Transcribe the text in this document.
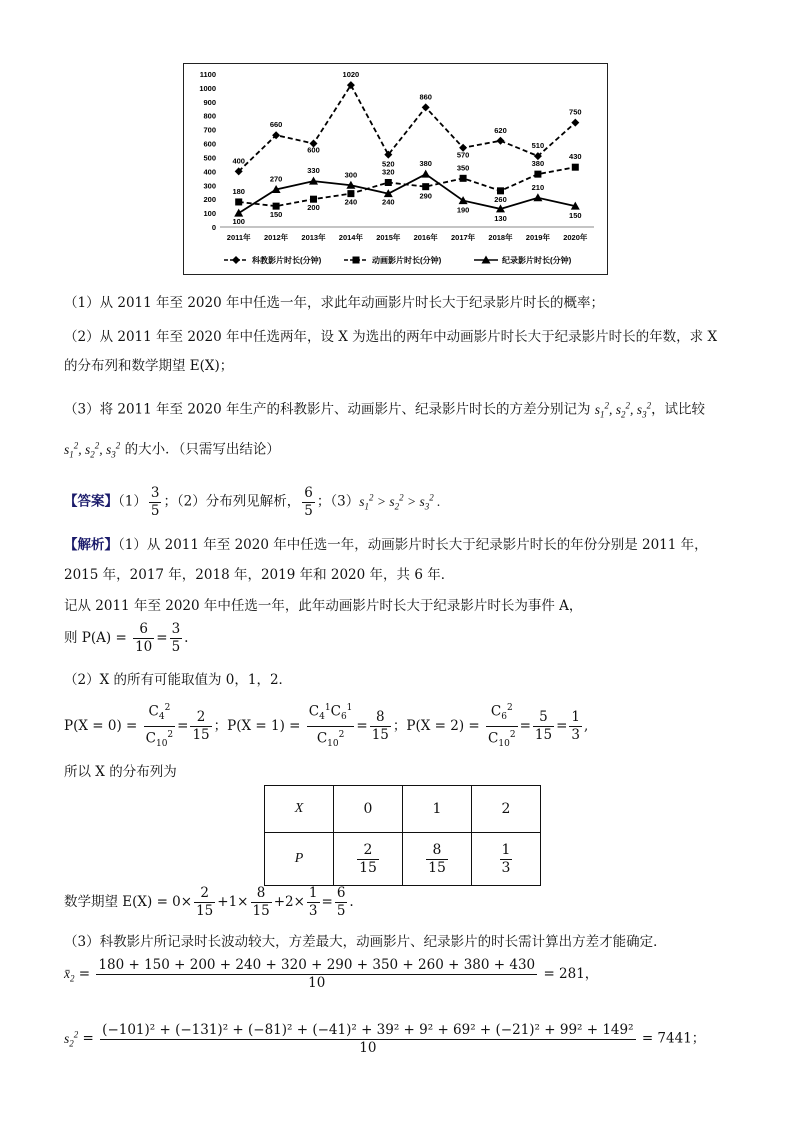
0
100
200
300
400
500
600
700
800
900
1000
1100
2011年 2012年 2013年 2014年 2015年 2016年 2017年 2018年 2019年 2020年
400
660
600
1020
520
860
570
620
510
750
180
150
200
240
320
290
350
260
380
430
100
270
330	300
240
380
190
130
210
150
科教影片时长(分钟)	动画影片时长(分钟)	纪录影片时长(分钟)
（1）从 2011 年至 2020 年中任选一年，求此年动画影片时长大于纪录影片时长的概率；
（2）从 2011 年至 2020 年中任选两年，设 X 为选出的两年中动画影片时长大于纪录影片时长的年数，求 X
的分布列和数学期望 E(X)；
（3）将 2011 年至 2020 年生产的科教影片、动画影片、纪录影片时长的方差分别记为 $s_1^2$, $s_2^2$, $s_3^2$，试比较
$s_1^2$, $s_2^2$, $s_3^2$ 的大小．（只需写出结论）
【答案】$(1) \frac{3}{5}$ ；（2）分布列见解析， $\frac{6}{5}$ ；$(3)s_1^2 > s_2^2 > s_3^2$ .
【解析】（1）从 2011 年至 2020 年中任选一年，动画影片时长大于纪录影片时长的年份分别是 2011 年，
2015 年，2017 年，2018 年，2019 年和 2020 年，共 6 年．
记从 2011 年至 2020 年中任选一年，此年动画影片时长大于纪录影片时长为事件 A，
则 $P(A) = \frac{6}{10} = \frac{3}{5}$ .
（2）X 的所有可能取值为 0，1，2．
$P(X = 0) = \frac{C_4^2}{C_{10}^2} = \frac{2}{15}$ ；$P(X = 1) = \frac{C_4^1C_6^1}{C_{10}^2} = \frac{8}{15}$ ；$P(X = 2) = \frac{C_6^2}{C_{10}^2} = \frac{5}{15} = \frac{1}{3}$ ,
所以 X 的分布列为
X	0	1	2
P	$\frac{2}{15}$	$\frac{8}{15}$	$\frac{1}{3}$
数学期望 $E(X) = 0\times \frac{2}{15} +1\times \frac{8}{15} +2\times \frac{1}{3} = \frac{6}{5}$ .
（3）科教影片所记录时长波动较大，方差最大，动画影片、纪录影片的时长需计算出方差才能确定．
$x̄_2 = \frac{180 + 150 + 200 + 240 + 320 + 290 + 350 + 260 + 380 + 430}{10} = 281$，
$s_2^2$ =
(−101)² + (−131)² + (−81)² + (−41)² + 39² + 9² + 69² + (−21)² + 99² + 149²
10
= 7441；
